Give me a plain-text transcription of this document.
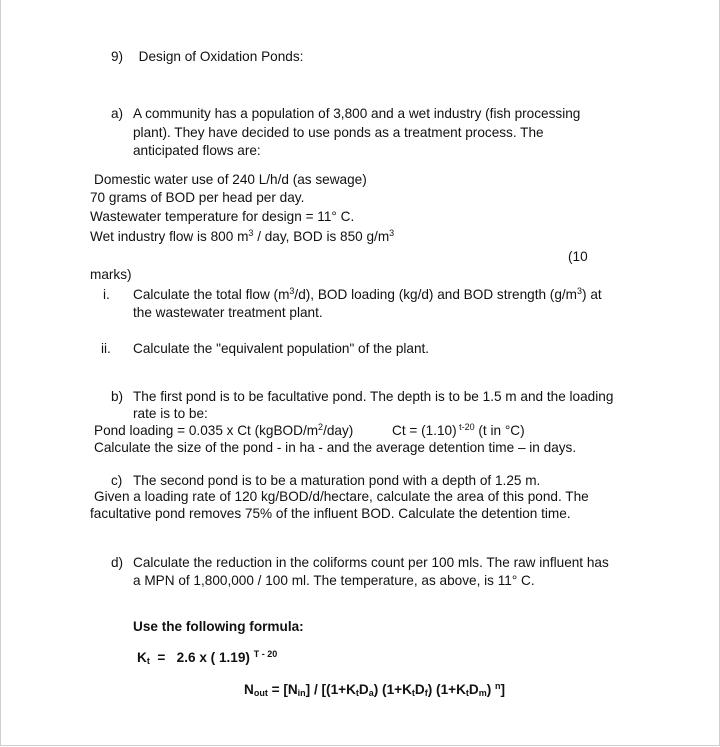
9) Design of Oxidation Ponds:
a) A community has a population of 3,800 and a wet industry (fish processing
plant). They have decided to use ponds as a treatment process. The
anticipated flows are:
Domestic water use of 240 L/h/d (as sewage)
70 grams of BOD per head per day.
Wastewater temperature for design = 11° C.
Wet industry flow is 800 $m^3$ / day, BOD is 850 $g/m^3$
(10
marks)
i. Calculate the total flow $(m^3/d)$, BOD loading (kg/d) and BOD strength $(g/m^3)$ at
the wastewater treatment plant.
ii. Calculate the "equivalent population" of the plant.
b) The first pond is to be facultative pond. The depth is to be 1.5 m and the loading
rate is to be:
Pond loading = 0.035 x Ct $(kgBOD/m^2/day)$	Ct = (1.10) $^{t-20}$ (t in °C)
Calculate the size of the pond - in ha - and the average detention time – in days.
c) The second pond is to be a maturation pond with a depth of 1.25 m.
Given a loading rate of 120 kg/BOD/d/hectare, calculate the area of this pond. The
facultative pond removes 75% of the influent BOD. Calculate the detention time.
d) Calculate the reduction in the coliforms count per 100 mls. The raw influent has
a MPN of 1,800,000 / 100 ml. The temperature, as above, is 11° C.
Use the following formula:
$K_t = 2.6$ x ( 1.19) $^{T - 20}$
$N_{out} = [N_{in}] / [(1+K_tD_a)$ $(1+K_tD_f)$ $(1+K_tD_m)$ $^n$]
